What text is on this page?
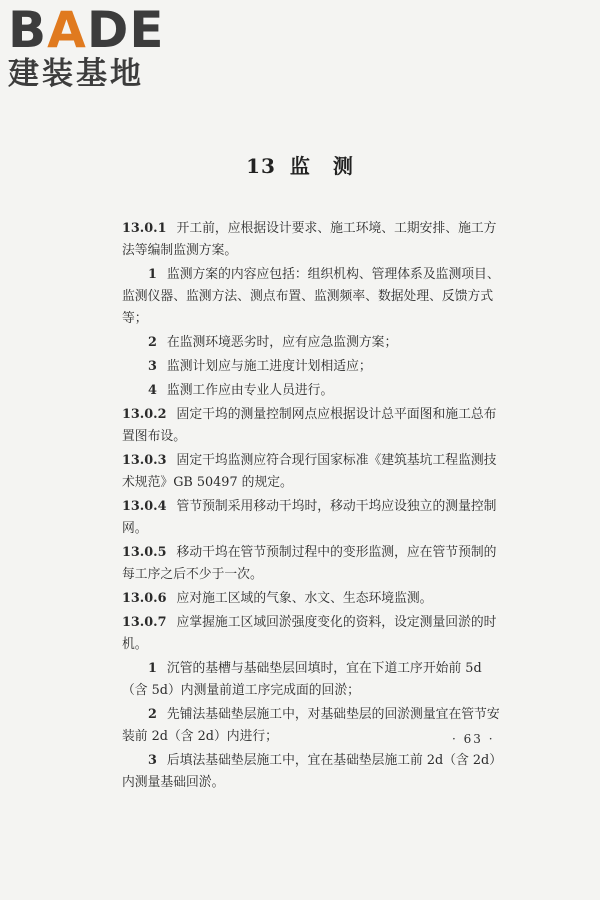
BADE
建装基地
13 监 测

13.0.1 开工前，应根据设计要求、施工环境、工期安排、施工方法等编制监测方案。

1 监测方案的内容应包括：组织机构、管理体系及监测项目、监测仪器、监测方法、测点布置、监测频率、数据处理、反馈方式等；

2 在监测环境恶劣时，应有应急监测方案；

3 监测计划应与施工进度计划相适应；

4 监测工作应由专业人员进行。

13.0.2 固定干坞的测量控制网点应根据设计总平面图和施工总布置图布设。

13.0.3 固定干坞监测应符合现行国家标准《建筑基坑工程监测技术规范》GB 50497 的规定。

13.0.4 管节预制采用移动干坞时，移动干坞应设独立的测量控制网。

13.0.5 移动干坞在管节预制过程中的变形监测，应在管节预制的每工序之后不少于一次。

13.0.6 应对施工区域的气象、水文、生态环境监测。

13.0.7 应掌握施工区域回淤强度变化的资料，设定测量回淤的时机。

1 沉管的基槽与基础垫层回填时，宜在下道工序开始前 5d（含 5d）内测量前道工序完成面的回淤；

2 先铺法基础垫层施工中，对基础垫层的回淤测量宜在管节安装前 2d（含 2d）内进行；

3 后填法基础垫层施工中，宜在基础垫层施工前 2d（含 2d）内测量基础回淤。

· 63 ·
